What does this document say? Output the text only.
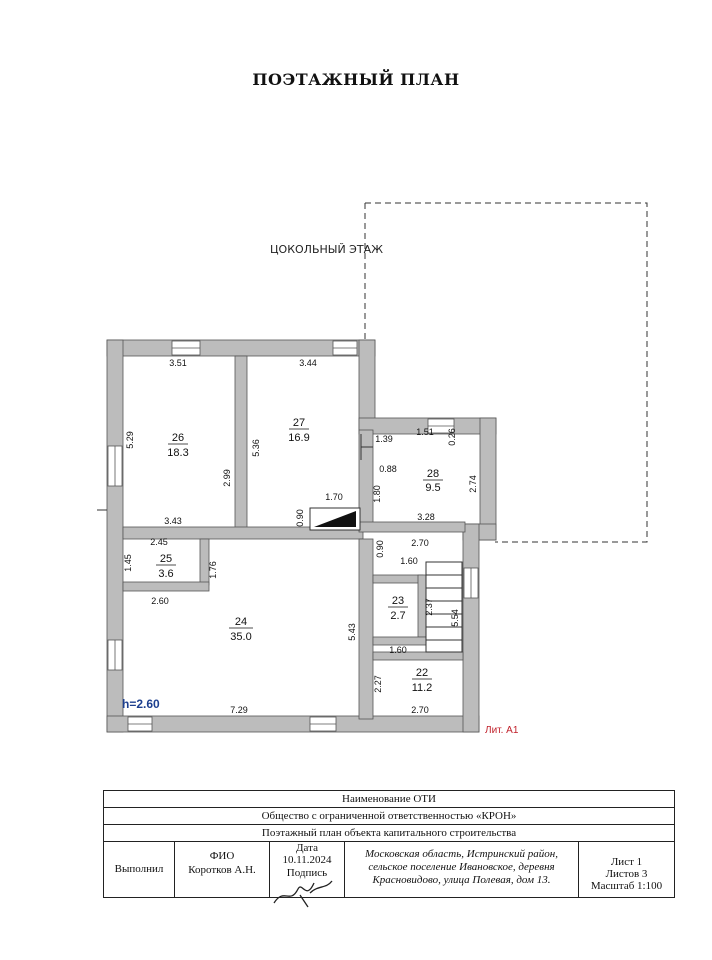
ПОЭТАЖНЫЙ ПЛАН
ЦОКОЛЬНЫЙ ЭТАЖ
26
18.3
27
16.9
28
9.5
25
3.6
24
35.0
23
2.7
22
11.2
3.51
5.29
2.99
3.43
3.44
5.36
1.70
0.90
1.51 0.26
1.39
0.88
1.80
2.74
3.28
2.45
1.45	1.76
2.60
5.43
7.29
0.90	2.70
1.60
2.37
5.54
1.60
2.27
2.70
h=2.60
Лит. А1
Наименование ОТИ
Общество с ограниченной ответственностью «КРОН»
Поэтажный план объекта капитального строительства
Выполнил
ФИО
Коротков А.Н.
Дата
10.11.2024
Подпись
Московская область, Истринский район,
сельское поселение Ивановское, деревня
Красновидово, улица Полевая, дом 13.
Лист 1
Листов 3
Масштаб 1:100
